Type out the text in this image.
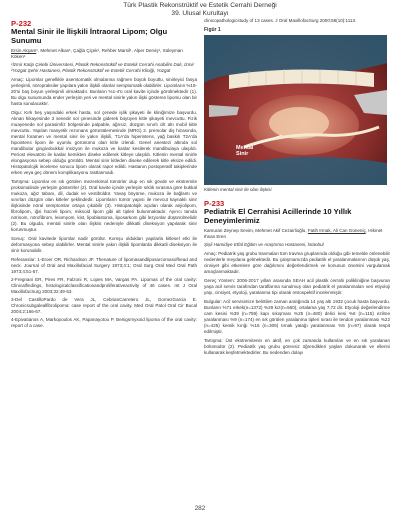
Türk Plastik Rekonstrüktif ve Estetik Cerrahi Derneği
39. Ulusal Kurultayı
P-232
Mental Sinir ile İlişkili İntraoral Lipom; Olgu Sunumu
Ersin Akşam¹, Mehmet Alkan¹, Çağla Çiçek¹, Rehber Marsil¹, Alper Derviş¹, Süleyman Köken¹
¹İzmir Katip Çelebi Üniversitesi, Plastik Rekonstrüktif ve Estetik Cerrahi Anabilim Dalı, İzmir
²Yozgat Şehir Hastanesi, Plastik Rekonstrüktif ve Estetik Cerrahi Kliniği, Yozgat

Amaç: Lipomlar genellikle asemtomatik olmalarına rağmen büyük boyutlu, sinirleyici fasya yerleşimli, nöropraksiler yapılara yakın ilişkili olanlar semptomatik olabilirler. Lipomların %15-20'si baş boyun yerleşimli olmaktadır. Bunların %1-4'ü oral kavite içinde görülmektedir (1). Bu olgu sunumunda ender yerleşim yeri ve mental sinirle yakın ilişki gösteren lipomu olan bir hasta sunulacaktır.

Olgu: Kırk beş yaşındaki erkek hasta, sol çenede işlik şikayeti ile kliniğimize başvurdu. Alınan hikayesinde 3 senedir sol çenesinde giderek büyüyen kitle şikayeti mevcuttu. Fizik muayenede sol parasimfiz bölgesinde palpable, ağrısız, düzgün sınırlı cilt altı mobil kitle mevcuttu. Yapılan manyetik rezonans görüntülemesinde (MRG) 2. premolar diş hizasında, mental foramen ve mental sinir ile yakın ilişkili, T1A'da hiperintens, yağ baskılı T2A'da hipointens lipom ile uyumlu görünümü olan kitle izlendi. Genel anestezi altında sol mandibular gingivobukkal insizyon ile mukoza ve kaslar kesilerek mandibulaya ulaşıldı. Periost elevatörü ile kaslar kemikten diseke edilerek kitleye ulaşıldı. Kitlenin mental sinirle elongasyona sebep olduğu görüldü. Mental sinir kitleden diseke edilerek kitle eksize edildi. Histopatolojik inceleme sonucu lipom olarak rapor edildi. Hastanın postoperatif takiplerinde erken veya geç dönem komplikasyonu rastlanmadı.

Tartışma: Lipomlar en sık görülen mezenkimal tümörler olup en sık gövde ve ekstremite proksimalinde yerleşim gösterirler (2). Oral kavite içinde yerleşim sıklık sırasına göre bukkal mukoza, ağız tabanı, dil, dudak ve vestibüldür. Yavaş büyüme, mukoza ile bağlantı ve sınırları düzgün olan kitleler şeklindedir. Lipomların tümör yapısı ile mevcut kaynaklı sinir ilişkisinde nöral semptomlar ortaya çıkabilir (3). Histopatolojik açıdan olarak anjiolipom, fibrolipom, iğsi hücreli lipom, miksoid lipom gibi alt tipleri bulunmaktadır. Ayırıcı tanıda nörinom, nörofibrom, leiomyom, kist, lipoblastoma, liposarkom gibi lezyonlar düşünülmelidir (2). Bu olguda, mental sinirle olan ilişkisi nedeniyle dikkatli diseksiyon yapılarak sinir korunmuştur.

Sonuç: Oral kavitede lipomlar nadir görülür. Komşu oldukları yapılarla kitlesel etki ile deformasyona sebep olabilirler. Mental sinirle yakın ilişkili lipomlarda dikkatli diseksiyon ile sinir korunabilir.

Referanslar: 1-Eroer OR, Richardson JF. Thenature of lipomasandliposarcomasofhead and neck. Journal of Oral and Maxillofacial Surgery 1973;4:1; Oral Surg Oral Med Oral Path 1973;4:51-57.

2-Fregnani ER, Pires FR, Falzoni R, Lopes MA, Vargas PA. Lipomas of the oral cavity: Clinicalfindings, histologicalclassificationandproliferativeactivity of 46 cases. Int J Oral MaxillofacSurg 2003;32:49-53.

3-Del CastilloPardo de Vera JL, CebrianCarretero JL, GomezGarcia E. Chronicsubgalealfibrolipoma: case report of the oral cavity. Med Oral Patol Oral Cir Bucal 2004;2:166-67.

4-Epivatianos A, Markopoulos AK, Papanayotou P. Benignmyxoid lipoma of the oral cavity: report of a case.

clinicopathologicstudy of 13 cases. J Oral MaxillofacSurg 2000;58(10):1113.

Figür 1
Mental
Sinir
Kitlenin mental sinir ile olan ilişkisi
P-233
Pediatrik El Cerrahisi Acillerinde 10 Yıllık Deneyimlerimiz
Kamuran Zeynep Sevim, Mehmet Akif Cezairlioğlu, Fatih Irmak, Ali Can Güneniç, Hikmet Ihsan Eren
Şişli Hamidiye Etfal Eğitim ve Araştırma Hastanesi, İstanbul

Amaç: Pediatrik yaş grubu travmaları tüm travma gruplarında olduğu gibi temelde önlenebilir nedenlerle meydana gelmektedir. Bu çalışmamızda pediatrik el yaralanmalarının düşük yaş, cinsiyet gibi etkenlere göre dağılımını değerlendirmek ve konunun önemini vurgulamak amaçlanmaktadır.

Gereç Yöntem: 2006-2017 yılları arasında SEAH acil plastik cerrahi polikliniğine başvuran yaşa acil servis tarafından taraflarına sunulmuş olan pediatrik el yaralanmaları veri etiyoloji yaşı, cinsiyet, etyoloji, yaralanma tipi olarak retrospektif incelenmiştir.

Bulgular: Acil servisimize belirtilen zaman aralığında 14 yaş altı 1932 çocuk hasta başvurdu. Bunların %71 erkek(n=1372) %29 kız(n=560), ortalama yaş 7,72 dir. Etyoloji değerlendirme cam kesisi %39 (n=759) kapı sıkışması %25 (n=480) delici kesi %6 (n=115) ezilme yaralanması %9 (n=174) en sık görülen yaralanma tipleri sırası ile tendon yaralanması %22 (n=425) kemik kırığı %16 (n=309) tırnak yatağı yaralanması %5 (n=97) olarak tespit edilmiştir.

Tartışma: Üst ekstremitenin en aktif, en çok zamanda kullanılan ve en sık yaralanan bölümüdür (2). Pediatrik yaş grubu görevsiz öğrendikleri yaşları dokunarak ve ellerini kullanarak keşfetmektedirler. Bu nedenden dolayı

282
